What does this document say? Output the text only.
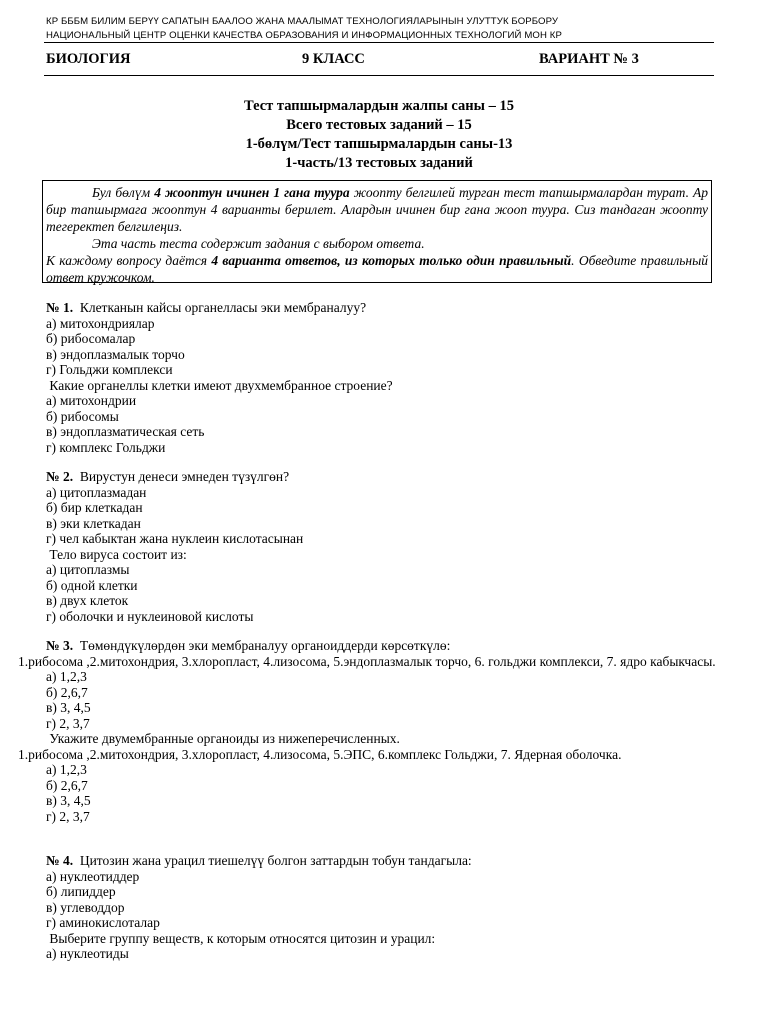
КР БББМ БИЛИМ БЕРҮҮ САПАТЫН БААЛОО ЖАНА МААЛЫМАТ ТЕХНОЛОГИЯЛАРЫНЫН УЛУТТУК БОРБОРУ
НАЦИОНАЛЬНЫЙ ЦЕНТР ОЦЕНКИ КАЧЕСТВА ОБРАЗОВАНИЯ И ИНФОРМАЦИОННЫХ ТЕХНОЛОГИЙ МОН КР
БИОЛОГИЯ	9 КЛАСС	ВАРИАНТ № 3
Тест тапшырмалардын жалпы саны – 15
Всего тестовых заданий – 15
1-бөлүм/Тест тапшырмалардын саны-13
1-часть/13 тестовых заданий
Бул бөлүм 4 жооптун ичинен 1 гана туура жоопту белгилей турган тест тапшырмалардан турат. Ар бир тапшырмага жооптун 4 варианты берилет. Алардын ичинен бир гана жооп туура. Сиз тандаган жоопту тегеректеп белгилеңиз.
Эта часть теста содержит задания с выбором ответа.
К каждому вопросу даётся 4 варианта ответов, из которых только один правильный. Обведите правильный ответ кружочком.
№ 1. Клетканын кайсы органелласы эки мембраналуу?
а) митохондриялар
б) рибосомалар
в) эндоплазмалык торчо
г) Гольджи комплекси
Какие органеллы клетки имеют двухмембранное строение?
а) митохондрии
б) рибосомы
в) эндоплазматическая сеть
г) комплекс Гольджи
№ 2. Вирустун денеси эмнеден түзүлгөн?
а) цитоплазмадан
б) бир клеткадан
в) эки клеткадан
г) чел кабыктан жана нуклеин кислотасынан
Тело вируса состоит из:
а) цитоплазмы
б) одной клетки
в) двух клеток
г) оболочки и нуклеиновой кислоты
№ 3. Төмөндүкүлөрдөн эки мембраналуу органоиддерди көрсөткүлө:
1.рибосома ,2.митохондрия, 3.хлоропласт, 4.лизосома, 5.эндоплазмалык торчо, 6. гольджи комплекси, 7. ядро кабыкчасы.
а) 1,2,3
б) 2,6,7
в) 3, 4,5
г) 2, 3,7
Укажите двумембранные органоиды из нижеперечисленных.
1.рибосома ,2.митохондрия, 3.хлоропласт, 4.лизосома, 5.ЭПС, 6.комплекс Гольджи, 7. Ядерная оболочка.
а) 1,2,3
б) 2,6,7
в) 3, 4,5
г) 2, 3,7
№ 4. Цитозин жана урацил тиешелүү болгон заттардын тобун тандагыла:
а) нуклеотиддер
б) липиддер
в) углеводдор
г) аминокислоталар
Выберите группу веществ, к которым относятся цитозин и урацил:
а) нуклеотиды
